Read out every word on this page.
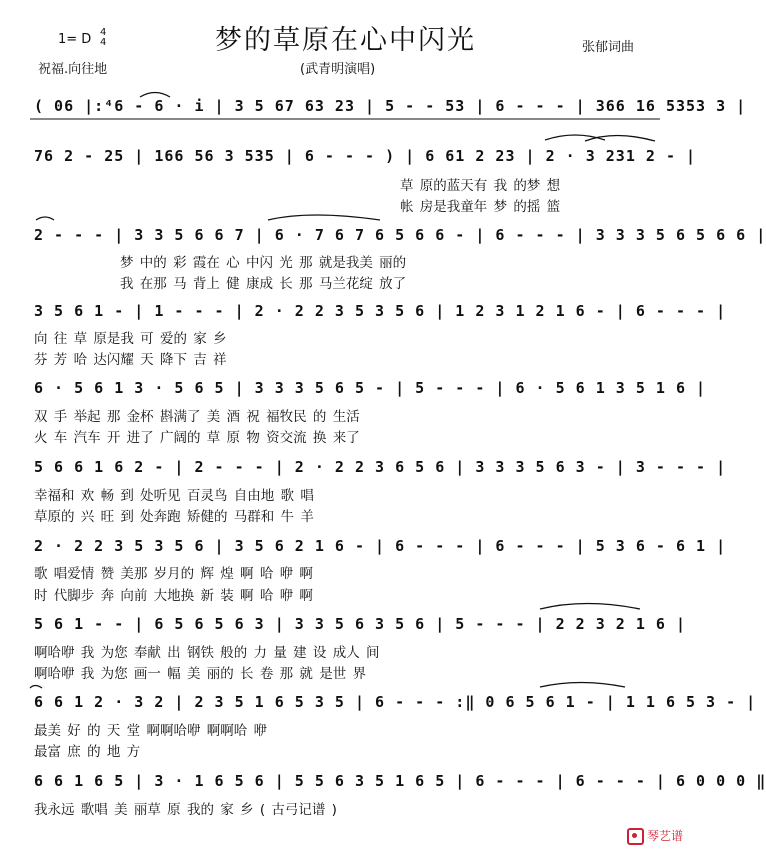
梦的草原在心中闪光
1= D 4
4	张郁词曲
祝福.向往地	(武青明演唱)
( 06 |:⁴6 - 6 · i | 3 5 67 63 23 | 5 - - 53 | 6 - - - | 366 16 5353 3 |
76 2 - 25 | 166 56 3 535 | 6 - - - ) | 6 61 2 23 | 2 · 3 231 2 - |
草 原的蓝天有 我 的梦 想
帐 房是我童年 梦 的摇 篮
2 - - - | 3 3 5 6 6 7 | 6 · 7 6 7 6 5 6 6 - | 6 - - - | 3 3 3 5 6 5 6 6 |
梦 中的 彩 霞在 心 中闪 光 那 就是我美 丽的
我 在那 马 背上 健 康成 长 那 马兰花绽 放了
3 5 6 1 - | 1 - - - | 2 · 2 2 3 5 3 5 6 | 1 2 3 1 2 1 6 - | 6 - - - |
向 往 草 原是我 可 爱的 家 乡
芬 芳 哈 达闪耀 天 降下 吉 祥
6 · 5 6 1 3 · 5 6 5 | 3 3 3 5 6 5 - | 5 - - - | 6 · 5 6 1 3 5 1 6 |
双 手 举起 那 金杯 斟满了 美 酒 祝 福牧民 的 生活
火 车 汽车 开 进了 广阔的 草 原 物 资交流 换 来了
5 6 6 1 6 2 - | 2 - - - | 2 · 2 2 3 6 5 6 | 3 3 3 5 6 3 - | 3 - - - |
幸福和 欢 畅 到 处听见 百灵鸟 自由地 歌 唱
草原的 兴 旺 到 处奔跑 矫健的 马群和 牛 羊
2 · 2 2 3 5 3 5 6 | 3 5 6 2 1 6 - | 6 - - - | 6 - - - | 5 3 6 - 6 1 |
歌 唱爱情 赞 美那 岁月的 辉 煌 啊 哈 咿 啊
时 代脚步 奔 向前 大地换 新 装 啊 哈 咿 啊
5 6 1 - - | 6 5 6 5 6 3 | 3 3 5 6 3 5 6 | 5 - - - | 2 2 3 2 1 6 |
啊哈咿 我 为您 奉献 出 钢铁 般的 力 量 建 设 成人 间
啊哈咿 我 为您 画一 幅 美 丽的 长 卷 那 就 是世 界
6 6 1 2 · 3 2 | 2 3 5 1 6 5 3 5 | 6 - - - :‖ 0 6 5 6 1 - | 1 1 6 5 3 - |
最美 好 的 天 堂 啊啊哈咿 啊啊哈 咿
最富 庶 的 地 方
6 6 1 6 5 | 3 · 1 6 5 6 | 5 5 6 3 5 1 6 5 | 6 - - - | 6 - - - | 6 0 0 0 ‖
我永远 歌唱 美 丽草 原 我的 家 乡 ( 古弓记谱 )
琴艺谱
